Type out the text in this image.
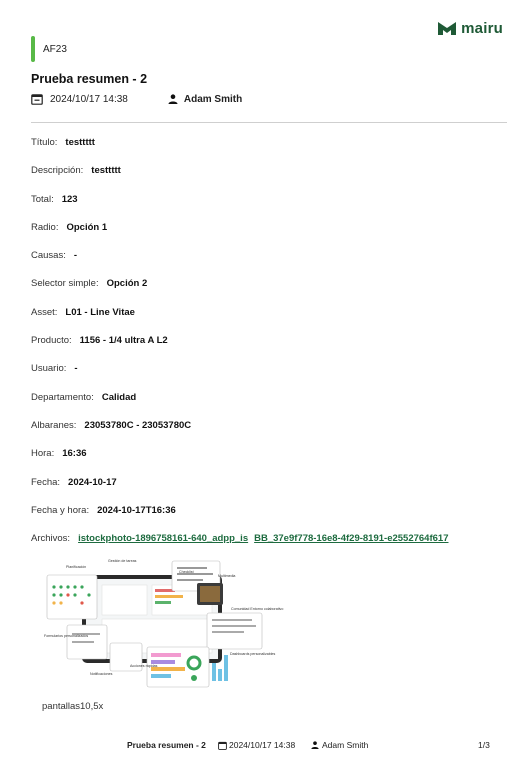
mairu
AF23
Prueba resumen - 2
2024/10/17 14:38	Adam Smith
Título: testtttt
Descripción: testtttt
Total: 123
Radio: Opción 1
Causas: -
Selector simple: Opción 2
Asset: L01 - Line Vitae
Producto: 1156 - 1/4 ultra A L2
Usuario: -
Departamento: Calidad
Albaranes: 23053780C - 23053780C
Hora: 16:36
Fecha: 2024-10-17
Fecha y hora: 2024-10-17T16:36
Archivos: istockphoto-1896758161-640_adpp_is BB_37e9f778-16e8-4f29-8191-e2552764f617
Planificación
Gestión de tareas
Checklist
Multimedia
Comunidad Entorno colaborativo
Formularios personalizados
Notificaciones
Acciones rápidas
Dashboards personalizables
pantallas10,5x
Prueba resumen - 2	2024/10/17 14:38	Adam Smith	1/3
